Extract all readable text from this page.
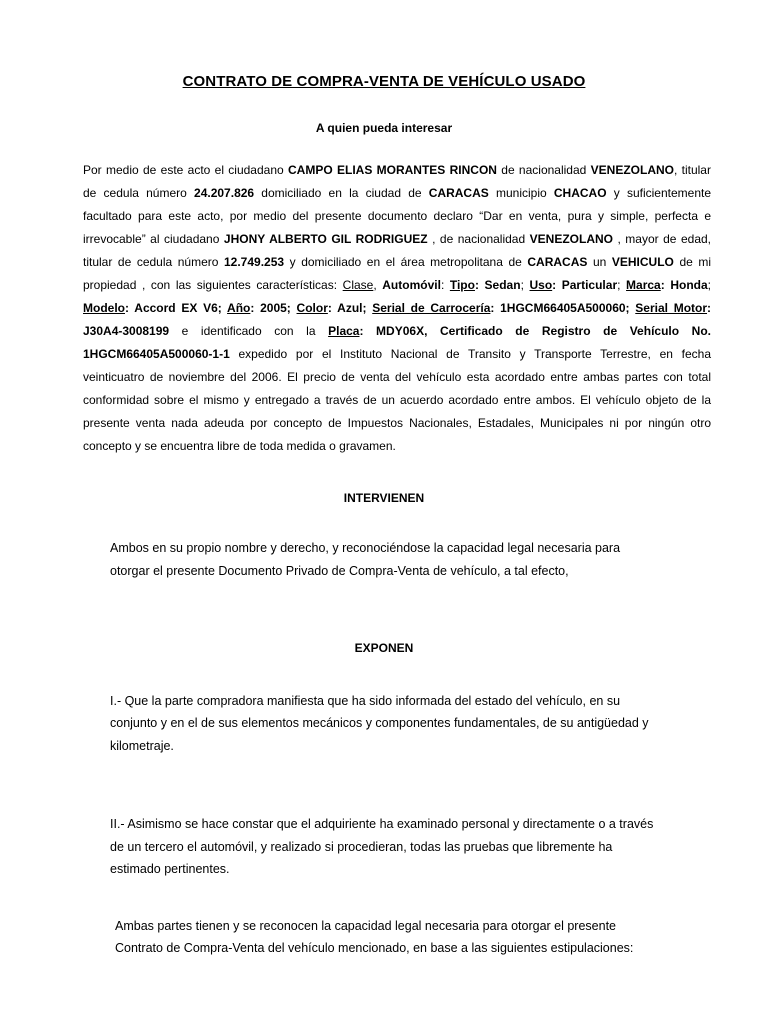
CONTRATO DE COMPRA-VENTA DE VEHÍCULO USADO
A quien pueda interesar
Por medio de este acto el ciudadano CAMPO ELIAS MORANTES RINCON de nacionalidad VENEZOLANO, titular de cedula número 24.207.826 domiciliado en la ciudad de CARACAS municipio CHACAO y suficientemente facultado para este acto, por medio del presente documento declaro “Dar en venta, pura y simple, perfecta e irrevocable” al ciudadano JHONY ALBERTO GIL RODRIGUEZ , de nacionalidad VENEZOLANO , mayor de edad, titular de cedula número 12.749.253 y domiciliado en el área metropolitana de CARACAS un VEHICULO de mi propiedad , con las siguientes características: Clase, Automóvil: Tipo: Sedan; Uso: Particular; Marca: Honda; Modelo: Accord EX V6; Año: 2005; Color: Azul; Serial de Carrocería: 1HGCM66405A500060; Serial Motor: J30A4-3008199 e identificado con la Placa: MDY06X, Certificado de Registro de Vehículo No. 1HGCM66405A500060-1-1 expedido por el Instituto Nacional de Transito y Transporte Terrestre, en fecha veinticuatro de noviembre del 2006. El precio de venta del vehículo esta acordado entre ambas partes con total conformidad sobre el mismo y entregado a través de un acuerdo acordado entre ambos. El vehículo objeto de la presente venta nada adeuda por concepto de Impuestos Nacionales, Estadales, Municipales ni por ningún otro concepto y se encuentra libre de toda medida o gravamen.
INTERVIENEN
Ambos en su propio nombre y derecho, y reconociéndose la capacidad legal necesaria para
otorgar el presente Documento Privado de Compra-Venta de vehículo, a tal efecto,
EXPONEN
I.- Que la parte compradora manifiesta que ha sido informada del estado del vehículo, en su
conjunto y en el de sus elementos mecánicos y componentes fundamentales, de su antigüedad y
kilometraje.
II.- Asimismo se hace constar que el adquiriente ha examinado personal y directamente o a través
de un tercero el automóvil, y realizado si procedieran, todas las pruebas que libremente ha
estimado pertinentes.
Ambas partes tienen y se reconocen la capacidad legal necesaria para otorgar el presente
Contrato de Compra-Venta del vehículo mencionado, en base a las siguientes estipulaciones:
